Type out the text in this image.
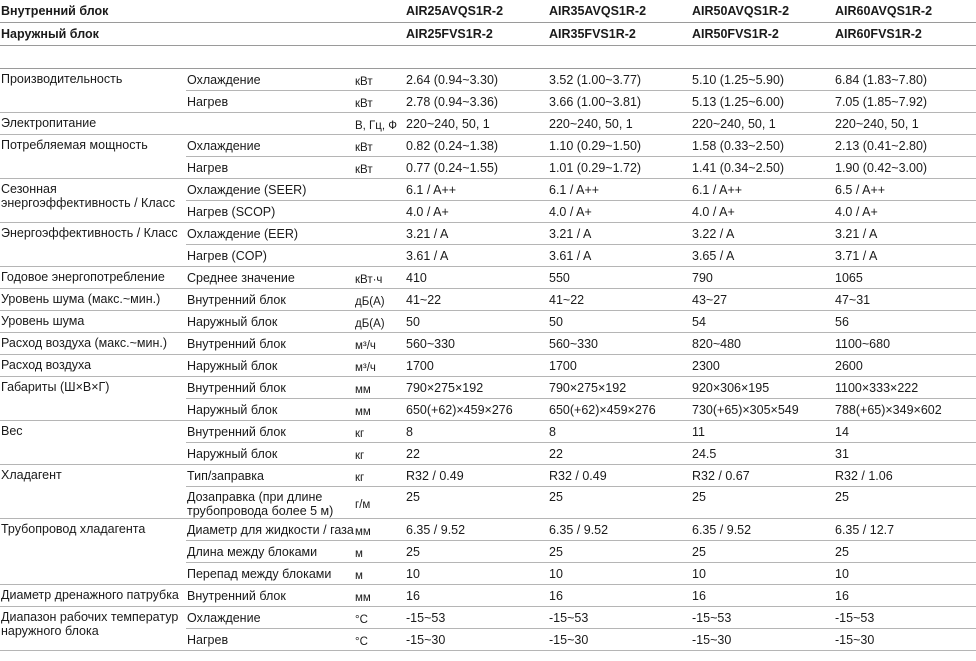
Внутренний блок			AIR25AVQS1R-2	AIR35AVQS1R-2	AIR50AVQS1R-2	AIR60AVQS1R-2
Наружный блок			AIR25FVS1R-2	AIR35FVS1R-2	AIR50FVS1R-2	AIR60FVS1R-2

Производительность	Охлаждение	кВт	2.64 (0.94~3.30)	3.52 (1.00~3.77)	5.10 (1.25~5.90)	6.84 (1.83~7.80)
	Нагрев	кВт	2.78 (0.94~3.36)	3.66 (1.00~3.81)	5.13 (1.25~6.00)	7.05 (1.85~7.92)
Электропитание		В, Гц, Ф	220~240, 50, 1	220~240, 50, 1	220~240, 50, 1	220~240, 50, 1
Потребляемая мощность	Охлаждение	кВт	0.82 (0.24~1.38)	1.10 (0.29~1.50)	1.58 (0.33~2.50)	2.13 (0.41~2.80)
	Нагрев	кВт	0.77 (0.24~1.55)	1.01 (0.29~1.72)	1.41 (0.34~2.50)	1.90 (0.42~3.00)
Сезонная энергоэффективность / Класс	Охлаждение (SEER)		6.1 / A++	6.1 / A++	6.1 / A++	6.5 / A++
	Нагрев (SCOP)		4.0 / A+	4.0 / A+	4.0 / A+	4.0 / A+
Энергоэффективность / Класс	Охлаждение (EER)		3.21 / A	3.21 / A	3.22 / A	3.21 / A
	Нагрев (COP)		3.61 / A	3.61 / A	3.65 / A	3.71 / A
Годовое энергопотребление	Среднее значение	кВт·ч	410	550	790	1065
Уровень шума (макс.~мин.)	Внутренний блок	дБ(А)	41~22	41~22	43~27	47~31
Уровень шума	Наружный блок	дБ(А)	50	50	54	56
Расход воздуха (макс.~мин.)	Внутренний блок	м³/ч	560~330	560~330	820~480	1100~680
Расход воздуха	Наружный блок	м³/ч	1700	1700	2300	2600
Габариты (Ш×В×Г)	Внутренний блок	мм	790×275×192	790×275×192	920×306×195	1100×333×222
	Наружный блок	мм	650(+62)×459×276	650(+62)×459×276	730(+65)×305×549	788(+65)×349×602
Вес	Внутренний блок	кг	8	8	11	14
	Наружный блок	кг	22	22	24.5	31
Хладагент	Тип/заправка	кг	R32 / 0.49	R32 / 0.49	R32 / 0.67	R32 / 1.06
	Дозаправка (при длине трубопровода более 5 м)	г/м	25	25	25	25
Трубопровод хладагента	Диаметр для жидкости / газа	мм	6.35 / 9.52	6.35 / 9.52	6.35 / 9.52	6.35 / 12.7
	Длина между блоками	м	25	25	25	25
	Перепад между блоками	м	10	10	10	10
Диаметр дренажного патрубка	Внутренний блок	мм	16	16	16	16
Диапазон рабочих температур наружного блока	Охлаждение	°C	-15~53	-15~53	-15~53	-15~53
	Нагрев	°C	-15~30	-15~30	-15~30	-15~30
